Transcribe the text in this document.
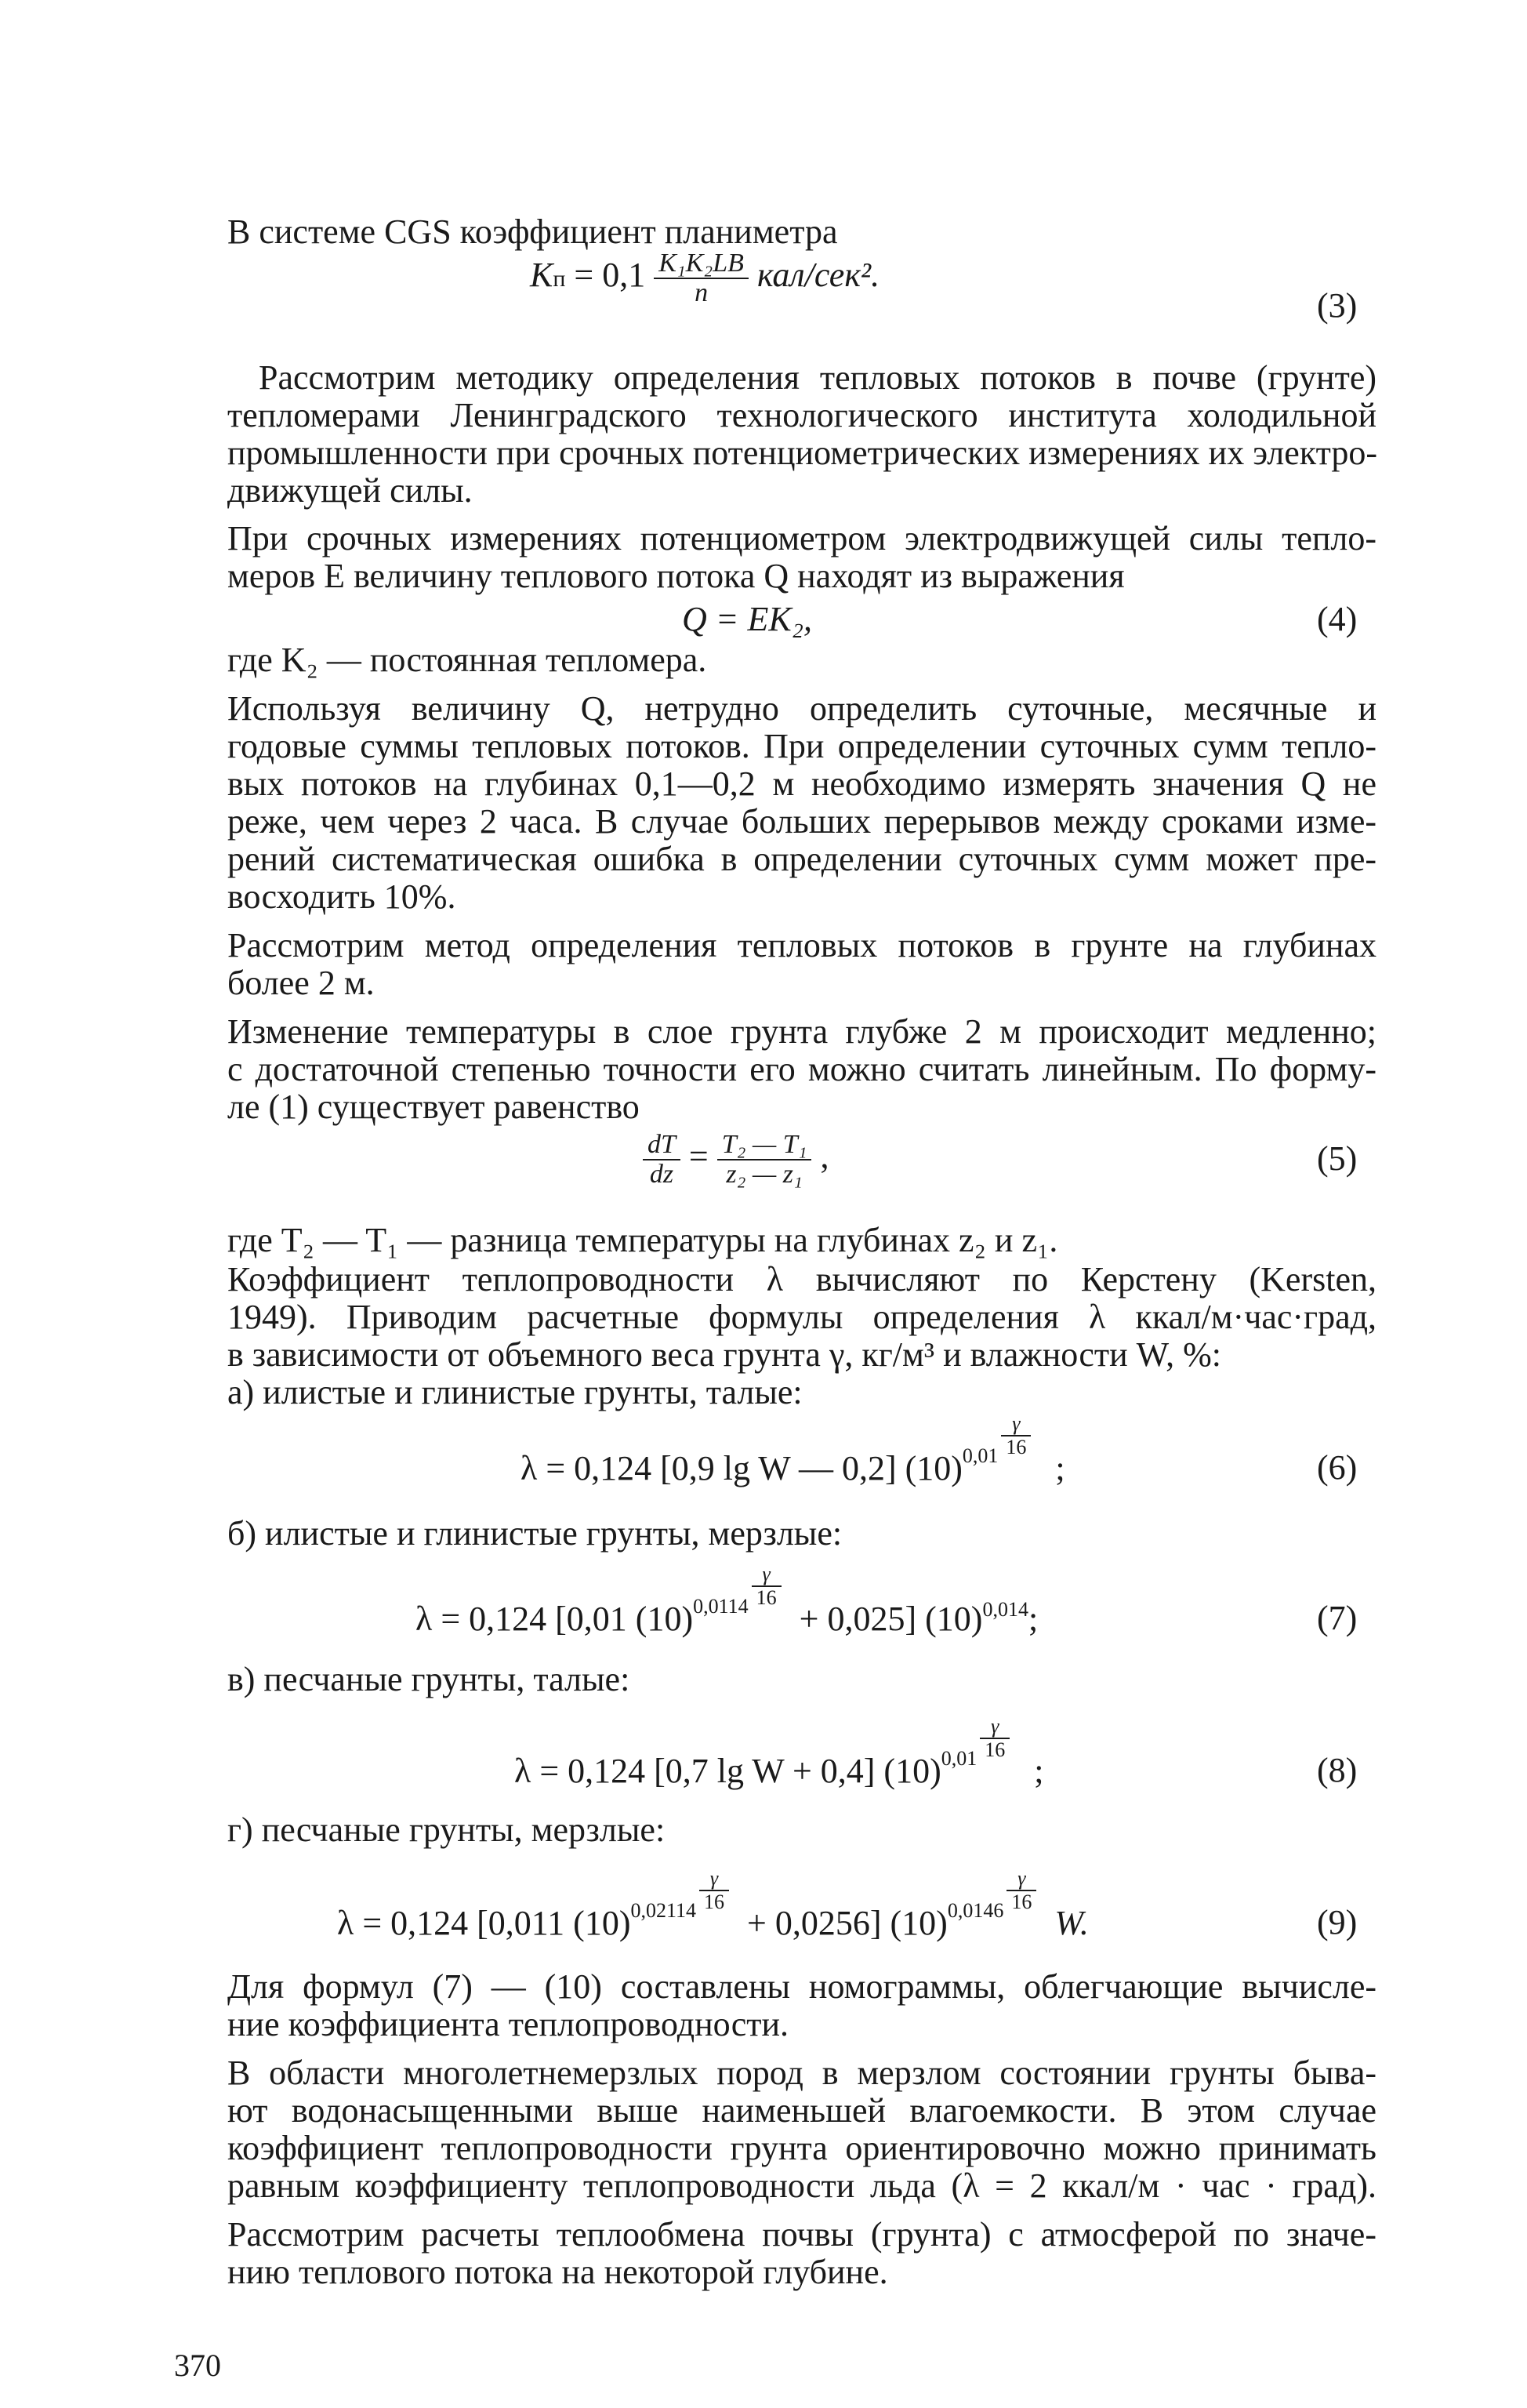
В системе CGS коэффициент планиметра
Kп = $0,1 \frac{\text{K₁K₂LB}}{n} кал/сек^2$.
(3)
Рассмотрим методику определения тепловых потоков в почве (грунте)
тепломерами Ленинградского технологического института холодильной
промышленности при срочных потенциометрических измерениях их электро-
движущей силы.
При срочных измерениях потенциометром электродвижущей силы тепло-
меров E величину теплового потока Q находят из выражения
Q = EK₂,	(4)
где K₂ — постоянная тепломера.
Используя величину Q, нетрудно определить суточные, месячные и
годовые суммы тепловых потоков. При определении суточных сумм тепло-
вых потоков на глубинах 0,1—0,2 м необходимо измерять значения Q не
реже, чем через 2 часа. В случае больших перерывов между сроками изме-
рений систематическая ошибка в определении суточных сумм может пре-
восходить 10%.
Рассмотрим метод определения тепловых потоков в грунте на глубинах
более 2 м.
Изменение температуры в слое грунта глубже 2 м происходит медленно;
с достаточной степенью точности его можно считать линейным. По форму-
ле (1) существует равенство
$\frac{dT}{dz} = \frac{\text{T₂ — T₁}}{\text{z₂ — z₁}}$ ,	(5)
где T₂ — T₁ — разница температуры на глубинах z₂ и z₁.
Коэффициент теплопроводности λ вычисляют по Керстену (Kersten,
1949). Приводим расчетные формулы определения λ ккал/м·час·град,
в зависимости от объемного веса грунта γ, кг/м³ и влажности W, %:
а) илистые и глинистые грунты, талые:
λ = 0,124 [0,9 lg W — 0,2] $(10)^{0,01} \frac{\gamma}{16}$
;	(6)
б) илистые и глинистые грунты, мерзлые:
λ = 0,124 [0,01 $(10)^{0,0114} \frac{\gamma}{16}$
+ 0,025] $(10)^{0,014}$;	(7)
в) песчаные грунты, талые:
λ = 0,124 [0,7 lg W + 0,4] $(10)^{0,01} \frac{\gamma}{16}$
;	(8)
г) песчаные грунты, мерзлые:
λ = 0,124 [0,011 $(10)^{0,02114} \frac{\gamma}{16}$
+ 0,0256] $(10)^{0,0146} \frac{\gamma}{16}$
W.	(9)
Для формул (7) — (10) составлены номограммы, облегчающие вычисле-
ние коэффициента теплопроводности.
В области многолетнемерзлых пород в мерзлом состоянии грунты быва-
ют водонасыщенными выше наименьшей влагоемкости. В этом случае
коэффициент теплопроводности грунта ориентировочно можно принимать
равным коэффициенту теплопроводности льда (λ = 2 ккал/м · час · град).
Рассмотрим расчеты теплообмена почвы (грунта) с атмосферой по значе-
нию теплового потока на некоторой глубине.
370
